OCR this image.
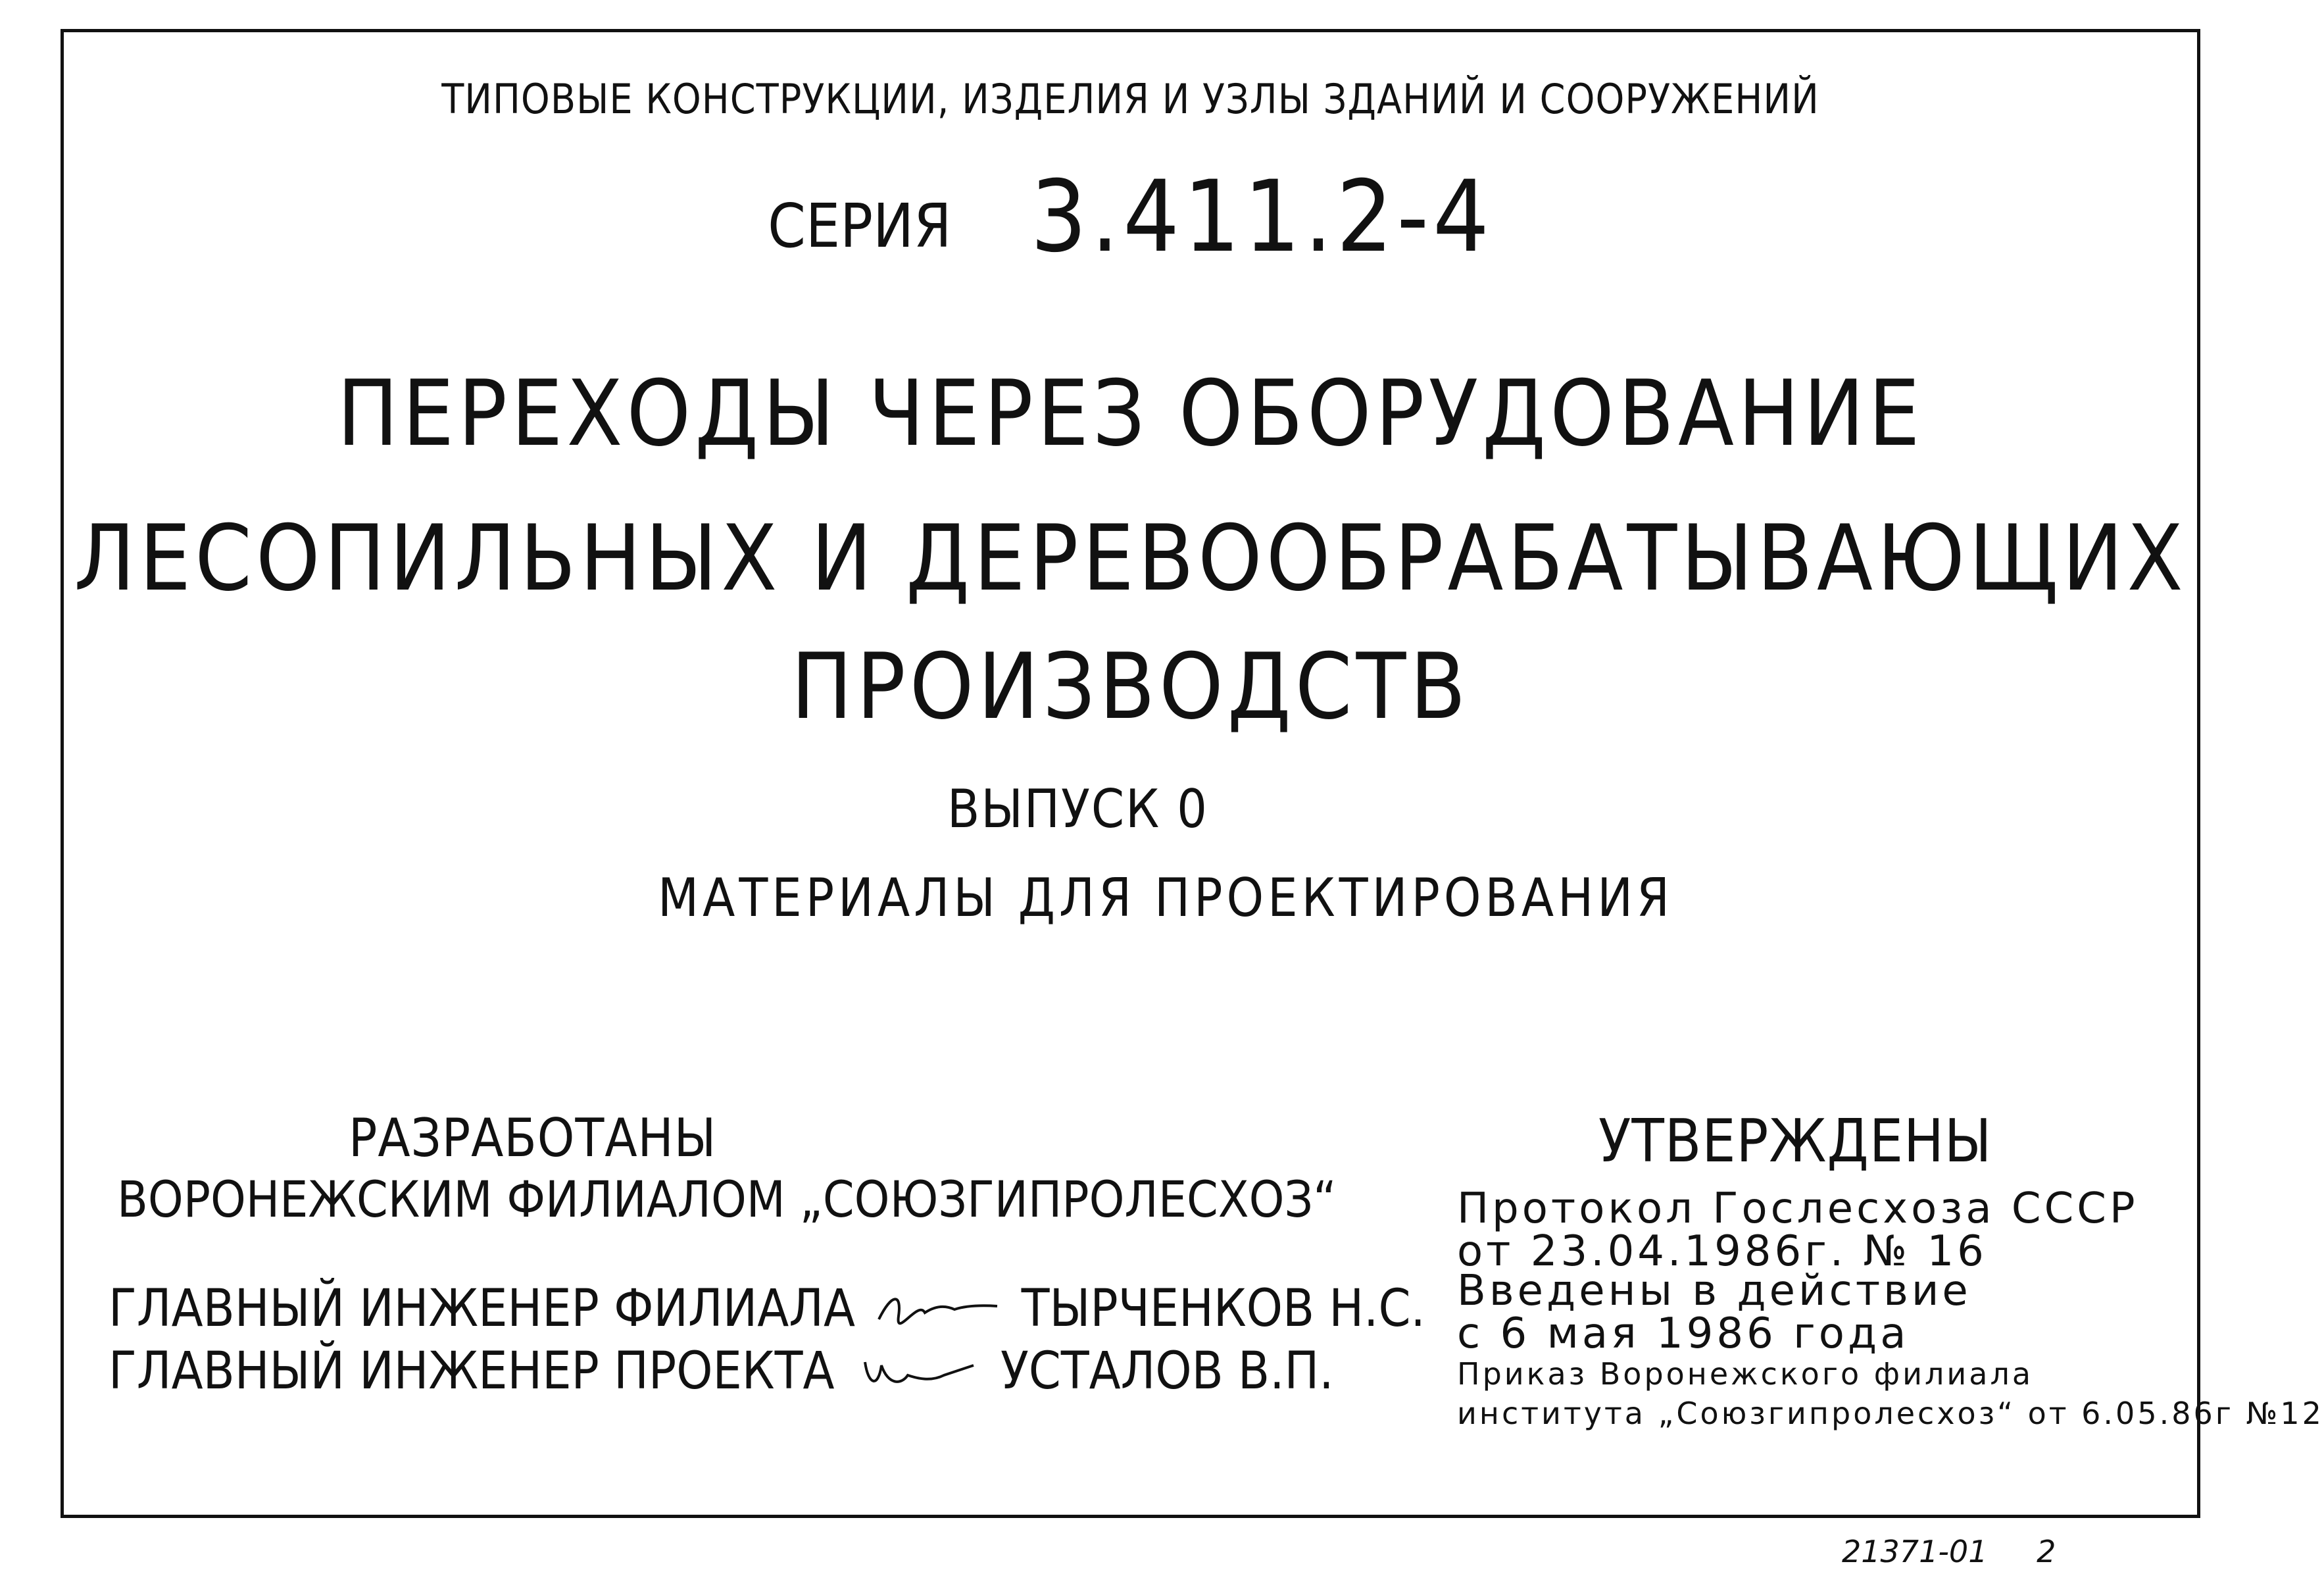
ТИПОВЫЕ КОНСТРУКЦИИ, ИЗДЕЛИЯ И УЗЛЫ ЗДАНИЙ И СООРУЖЕНИЙ
СЕРИЯ 3.411.2-4
ПЕРЕХОДЫ ЧЕРЕЗ ОБОРУДОВАНИЕ
ЛЕСОПИЛЬНЫХ И ДЕРЕВООБРАБАТЫВАЮЩИХ
ПРОИЗВОДСТВ
ВЫПУСК 0
МАТЕРИАЛЫ ДЛЯ ПРОЕКТИРОВАНИЯ
РАЗРАБОТАНЫ
ВОРОНЕЖСКИМ ФИЛИАЛОМ „СОЮЗГИПРОЛЕСХОЗ“
ГЛАВНЫЙ ИНЖЕНЕР ФИЛИАЛА	ТЫРЧЕНКОВ Н.С.
ГЛАВНЫЙ ИНЖЕНЕР ПРОЕКТА	УСТАЛОВ В.П.
УТВЕРЖДЕНЫ
Протокол Гослесхоза СССР
от 23.04.1986г. № 16
Введены в действие
с 6 мая 1986 года
Приказ Воронежского филиала
института „Союзгипролесхоз“ от 6.05.86г №12
21371-01 2
